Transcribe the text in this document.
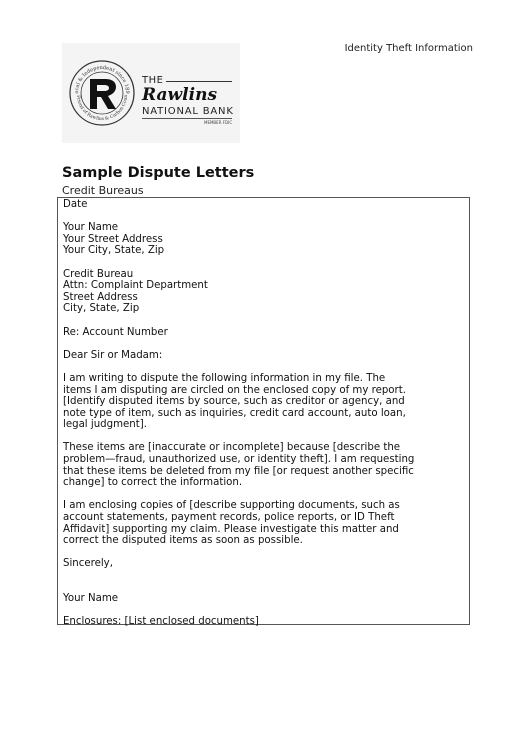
Identity Theft Information
ocal & Independent since 189
Friend of Rawlins & Carbon Coun
THE
Rawlins
NATIONAL BANK
MEMBER FDIC
Sample Dispute Letters
Credit Bureaus

Date

Your Name

Your Street Address

Your City, State, Zip

Credit Bureau

Attn: Complaint Department

Street Address

City, State, Zip

Re: Account Number

Dear Sir or Madam:

I am writing to dispute the following information in my file. The

items I am disputing are circled on the enclosed copy of my report.

[Identify disputed items by source, such as creditor or agency, and

note type of item, such as inquiries, credit card account, auto loan,

legal judgment].

These items are [inaccurate or incomplete] because [describe the

problem—fraud, unauthorized use, or identity theft]. I am requesting

that these items be deleted from my file [or request another specific

change] to correct the information.

I am enclosing copies of [describe supporting documents, such as

account statements, payment records, police reports, or ID Theft

Affidavit] supporting my claim. Please investigate this matter and

correct the disputed items as soon as possible.

Sincerely,

Your Name

Enclosures: [List enclosed documents]
